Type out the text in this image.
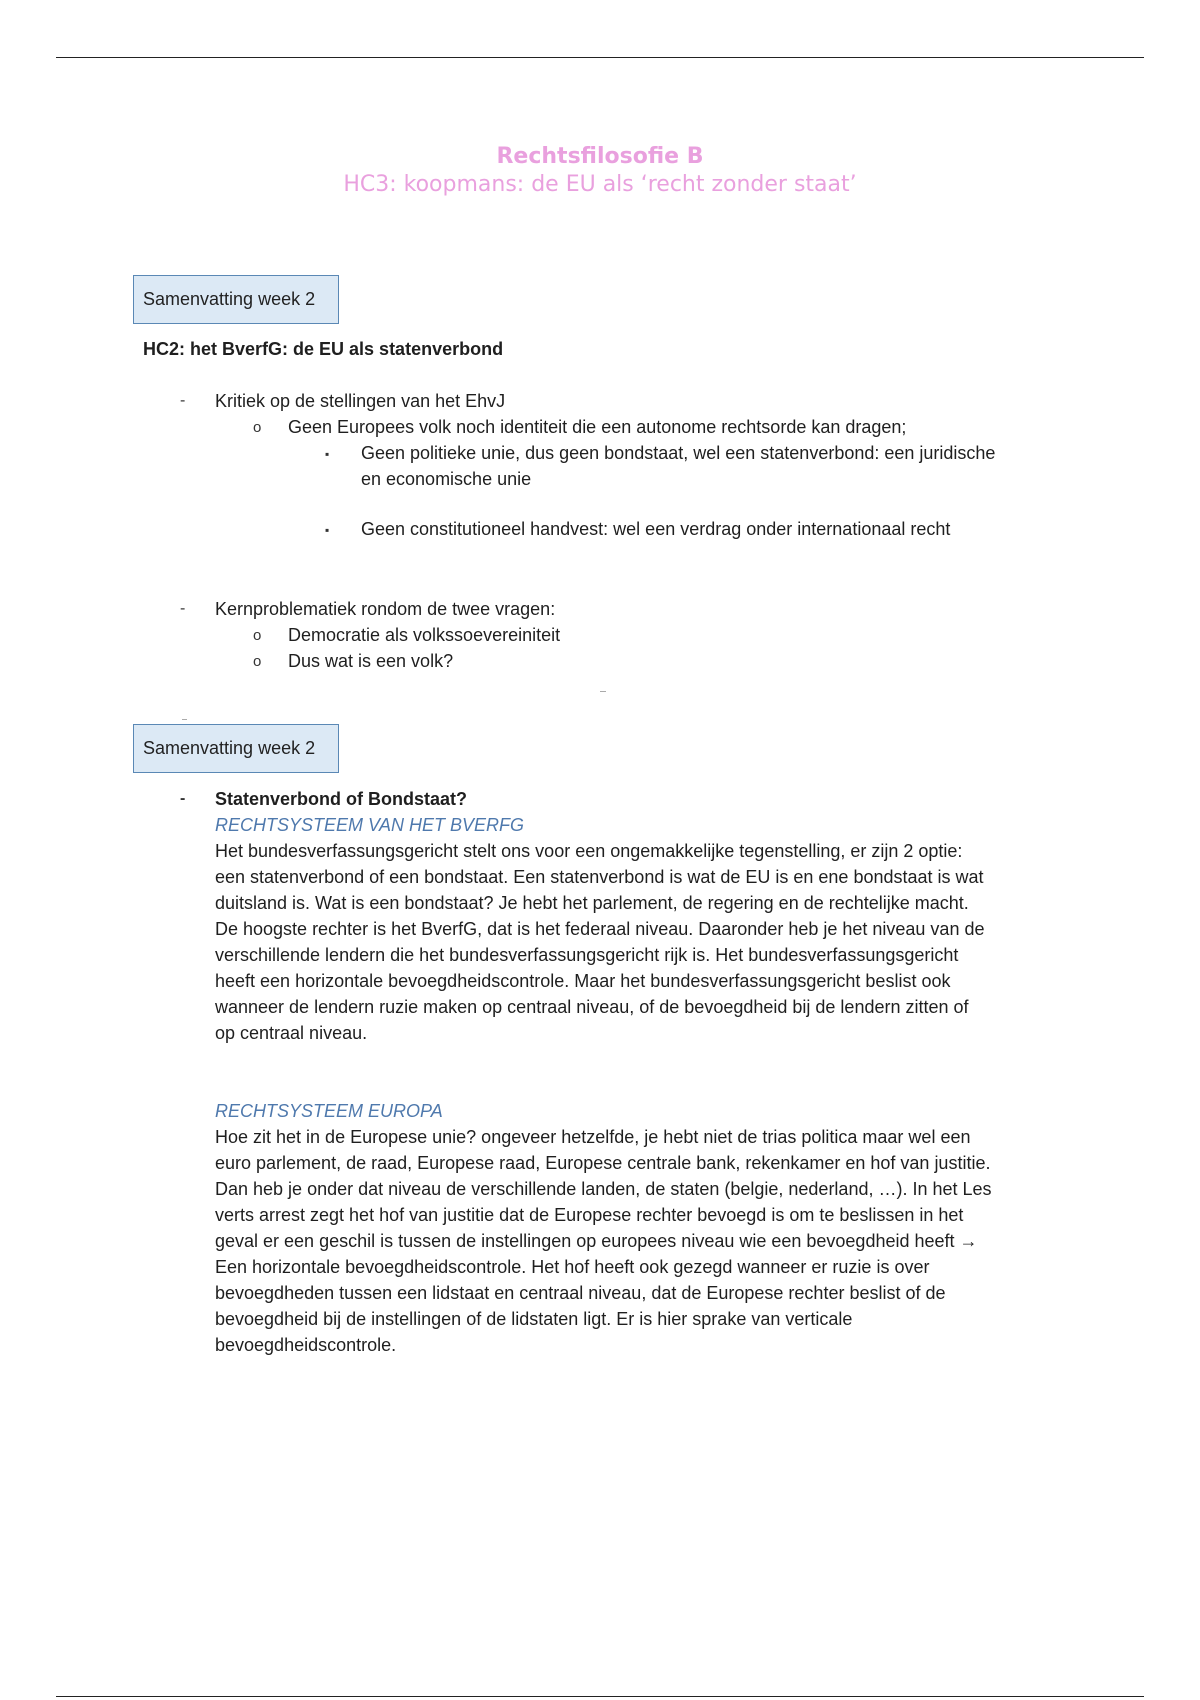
Rechtsfilosofie B
HC3: koopmans: de EU als ‘recht zonder staat’
Samenvatting week 2
HC2: het BverfG: de EU als statenverbond
- Kritiek op de stellingen van het EhvJ
o Geen Europees volk noch identiteit die een autonome rechtsorde kan dragen;
▪ Geen politieke unie, dus geen bondstaat, wel een statenverbond: een juridische
en economische unie
▪ Geen constitutioneel handvest: wel een verdrag onder internationaal recht
- Kernproblematiek rondom de twee vragen:
o Democratie als volkssoevereiniteit
o Dus wat is een volk?
Samenvatting week 2
- Statenverbond of Bondstaat?
RECHTSYSTEEM VAN HET BVERFG
Het bundesverfassungsgericht stelt ons voor een ongemakkelijke tegenstelling, er zijn 2 optie:
een statenverbond of een bondstaat. Een statenverbond is wat de EU is en ene bondstaat is wat
duitsland is. Wat is een bondstaat? Je hebt het parlement, de regering en de rechtelijke macht.
De hoogste rechter is het BverfG, dat is het federaal niveau. Daaronder heb je het niveau van de
verschillende lendern die het bundesverfassungsgericht rijk is. Het bundesverfassungsgericht
heeft een horizontale bevoegdheidscontrole. Maar het bundesverfassungsgericht beslist ook
wanneer de lendern ruzie maken op centraal niveau, of de bevoegdheid bij de lendern zitten of
op centraal niveau.
RECHTSYSTEEM EUROPA
Hoe zit het in de Europese unie? ongeveer hetzelfde, je hebt niet de trias politica maar wel een
euro parlement, de raad, Europese raad, Europese centrale bank, rekenkamer en hof van justitie.
Dan heb je onder dat niveau de verschillende landen, de staten (belgie, nederland, …). In het Les
verts arrest zegt het hof van justitie dat de Europese rechter bevoegd is om te beslissen in het
geval er een geschil is tussen de instellingen op europees niveau wie een bevoegdheid heeft →
Een horizontale bevoegdheidscontrole. Het hof heeft ook gezegd wanneer er ruzie is over
bevoegdheden tussen een lidstaat en centraal niveau, dat de Europese rechter beslist of de
bevoegdheid bij de instellingen of de lidstaten ligt. Er is hier sprake van verticale
bevoegdheidscontrole.
